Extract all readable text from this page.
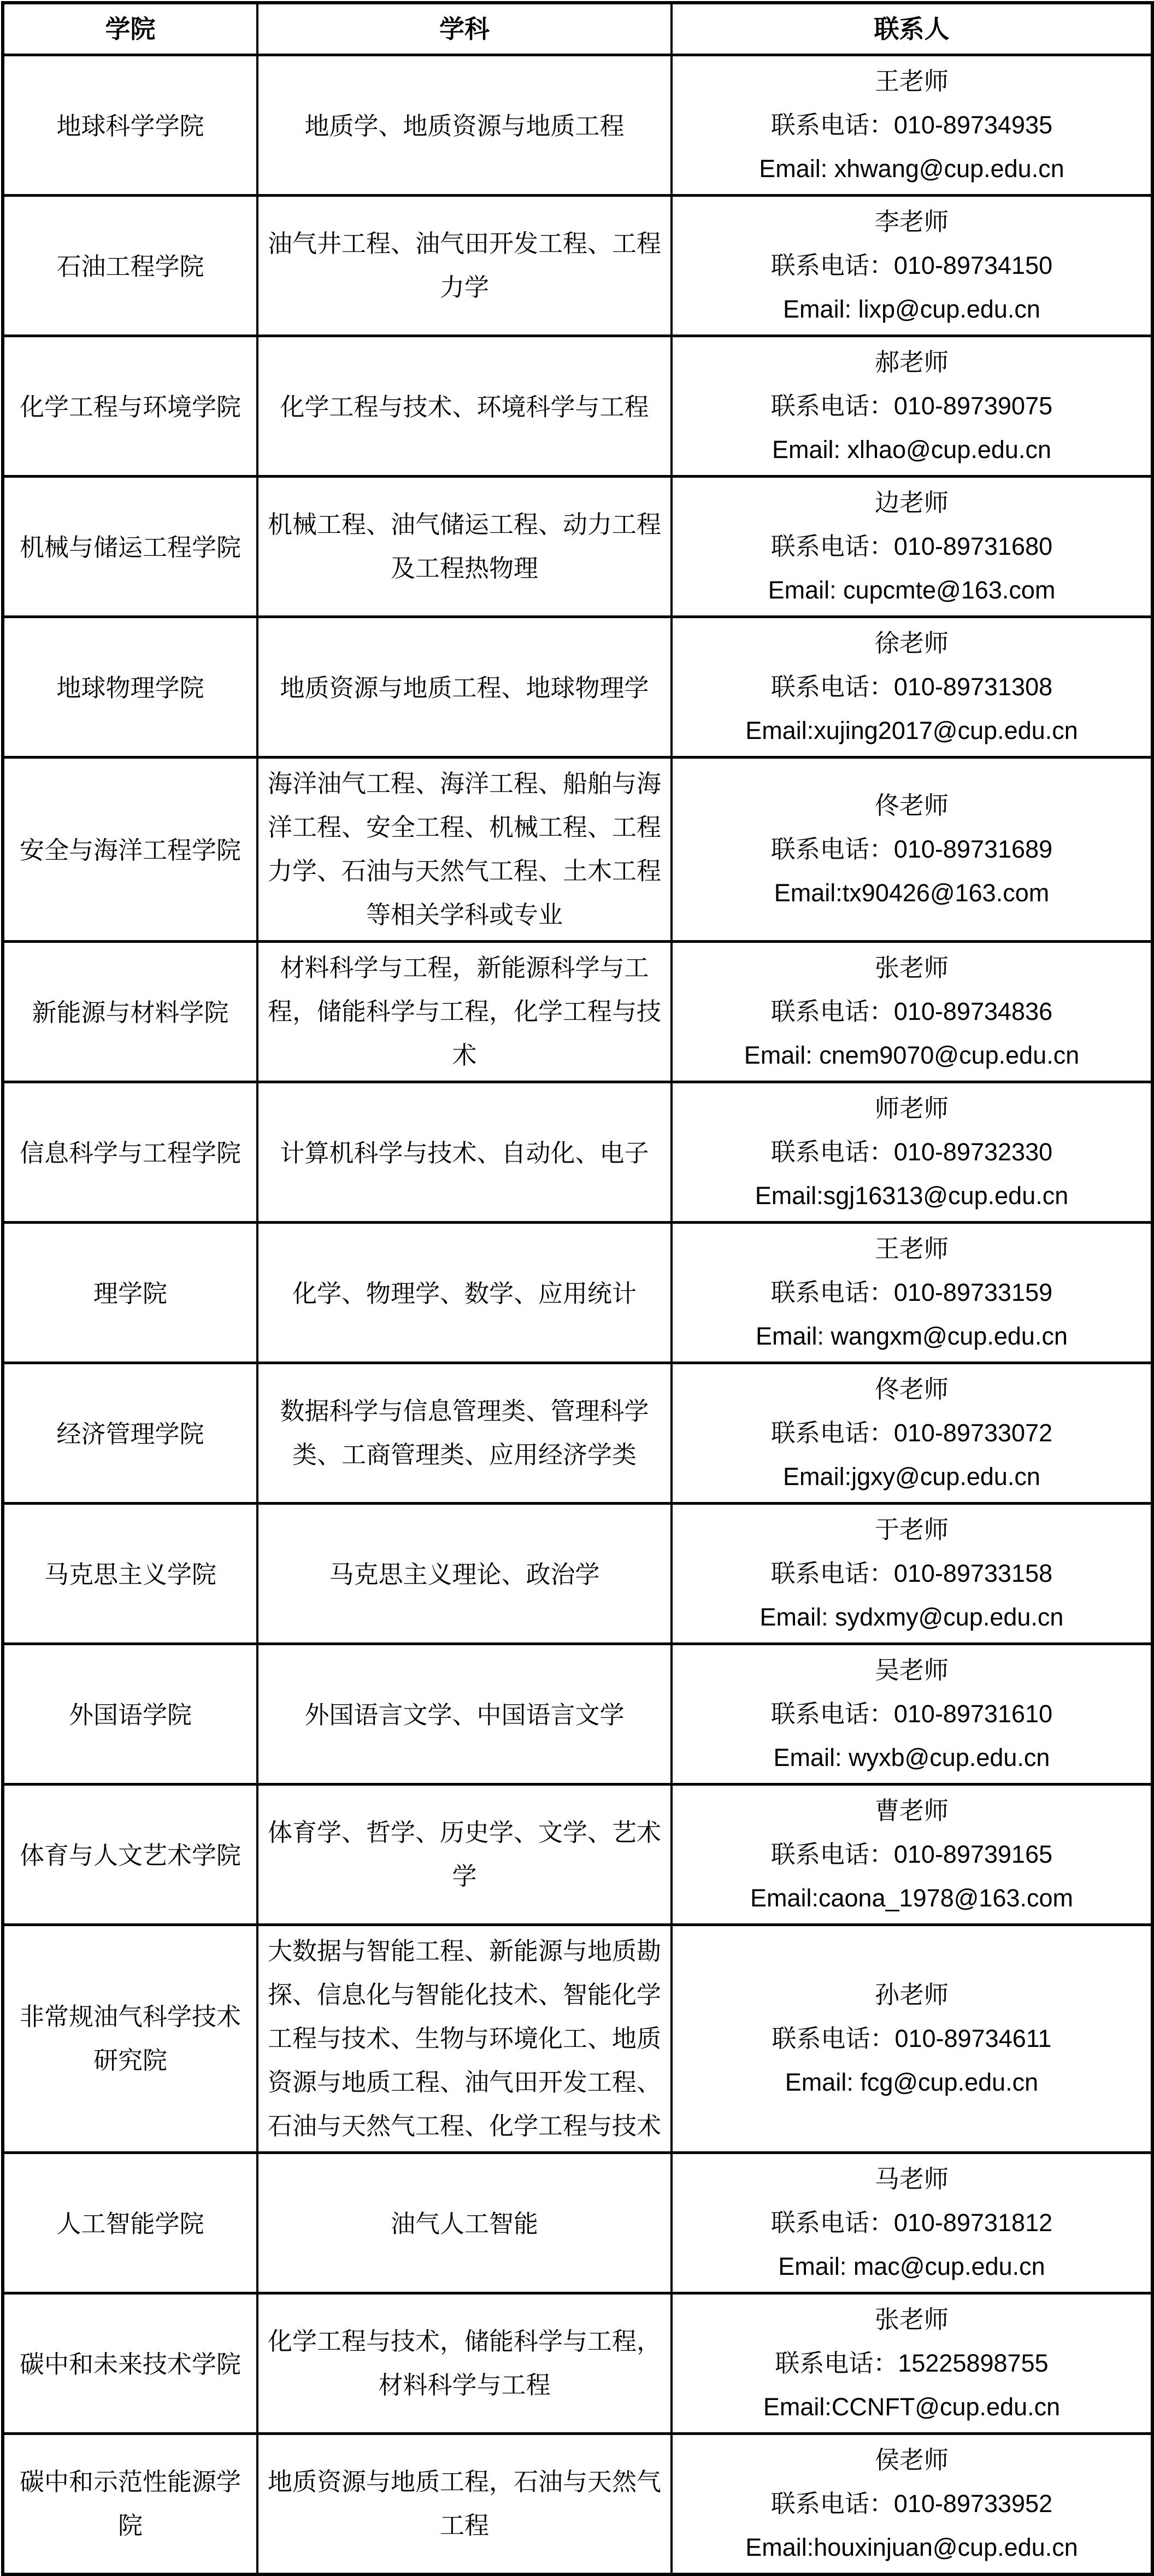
学院	学科	联系人
地球科学学院	地质学、地质资源与地质工程	王老师
联系电话：010-89734935
Email: xhwang@cup.edu.cn

石油工程学院	油气井工程、油气田开发工程、工程力学	李老师
联系电话：010-89734150
Email: lixp@cup.edu.cn

化学工程与环境学院	化学工程与技术、环境科学与工程	郝老师
联系电话：010-89739075
Email: xlhao@cup.edu.cn

机械与储运工程学院	机械工程、油气储运工程、动力工程及工程热物理	边老师
联系电话：010-89731680
Email: cupcmte@163.com

地球物理学院	地质资源与地质工程、地球物理学	徐老师
联系电话：010-89731308
Email:xujing2017@cup.edu.cn

安全与海洋工程学院	海洋油气工程、海洋工程、船舶与海洋工程、安全工程、机械工程、工程力学、石油与天然气工程、土木工程等相关学科或专业	佟老师
联系电话：010-89731689
Email:tx90426@163.com

新能源与材料学院	材料科学与工程，新能源科学与工程，储能科学与工程，化学工程与技术	张老师
联系电话：010-89734836
Email: cnem9070@cup.edu.cn

信息科学与工程学院	计算机科学与技术、自动化、电子	师老师
联系电话：010-89732330
Email:sgj16313@cup.edu.cn

理学院	化学、物理学、数学、应用统计	王老师
联系电话：010-89733159
Email: wangxm@cup.edu.cn

经济管理学院	数据科学与信息管理类、管理科学类、工商管理类、应用经济学类	佟老师
联系电话：010-89733072
Email:jgxy@cup.edu.cn

马克思主义学院	马克思主义理论、政治学	于老师
联系电话：010-89733158
Email: sydxmy@cup.edu.cn

外国语学院	外国语言文学、中国语言文学	吴老师
联系电话：010-89731610
Email: wyxb@cup.edu.cn

体育与人文艺术学院	体育学、哲学、历史学、文学、艺术学	曹老师
联系电话：010-89739165
Email:caona_1978@163.com

非常规油气科学技术研究院	大数据与智能工程、新能源与地质勘探、信息化与智能化技术、智能化学工程与技术、生物与环境化工、地质资源与地质工程、油气田开发工程、石油与天然气工程、化学工程与技术	孙老师
联系电话：010-89734611
Email: fcg@cup.edu.cn

人工智能学院	油气人工智能	马老师
联系电话：010-89731812
Email: mac@cup.edu.cn

碳中和未来技术学院	化学工程与技术，储能科学与工程，材料科学与工程	张老师
联系电话：15225898755
Email:CCNFT@cup.edu.cn

碳中和示范性能源学院	地质资源与地质工程，石油与天然气工程	侯老师
联系电话：010-89733952
Email:houxinjuan@cup.edu.cn
